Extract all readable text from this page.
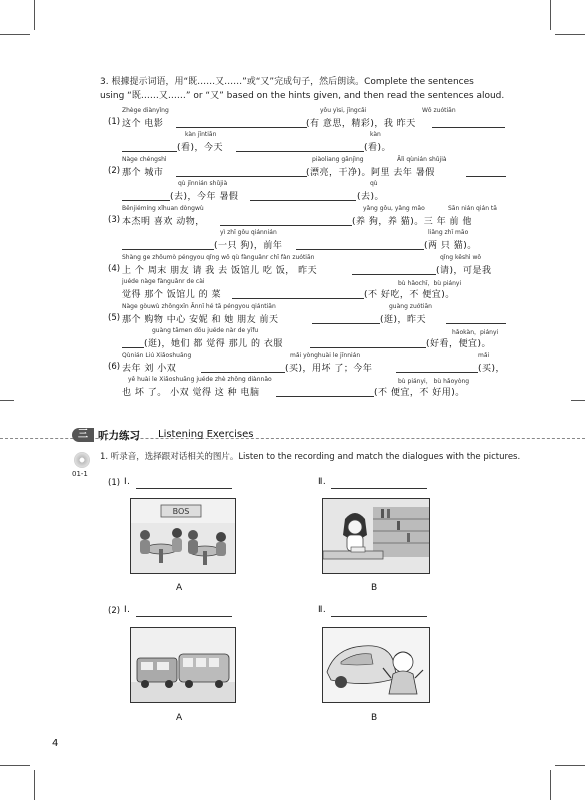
3. 根據提示词语，用“既……又……”或“又”完成句子，然后朗读。Complete the sentences
using “既……又……” or “又” based on the hints given, and then read the sentences aloud.
Zhège diànyǐng	yǒu yìsi, jīngcǎi	Wǒ zuótiān
(1) 这个 电影	(有 意思，精彩)，我 昨天
kàn jīntiān	kàn
(看)，今天	(看)。
Nàge chéngshì	piàoliang gānjìng	Ālì qùnián shǔjià
(2) 那个 城市	(漂亮，干净)。阿里 去年 暑假
qù jīnnián shǔjià	qù
(去)，今年 暑假	(去)。
Běnjiémíng xǐhuan dòngwù	yǎng gǒu, yǎng māo	Sān nián qián tā
(3) 本杰明 喜欢 动物，	(养 狗，养 猫)。三 年 前 他
yì zhī gǒu qiánnián	liǎng zhī māo
(一只 狗)，前年	(两 只 猫)。
Shàng ge zhōumò péngyou qǐng wǒ qù fànguǎnr chī fàn zuótiān	qǐng kěshì wǒ
(4) 上 个 周末 朋友 请 我 去 饭馆儿 吃 饭， 昨天	(请)，可是我
juéde nàge fànguǎnr de cài	bù hǎochī，bù piányi
觉得 那个 饭馆儿 的 菜	(不 好吃，不 便宜)。
Nàge gòuwù zhōngxīn Ānnī hé tā péngyou qiántiān	guàng zuótiān
(5) 那个 购物 中心 安妮 和 她 朋友 前天	(逛)，昨天
guàng tāmen dōu juéde nàr de yīfu	hǎokàn，piányi
(逛)，她们 都 觉得 那儿 的 衣服	(好看，便宜)。
Qùnián Liú Xiǎoshuāng	mǎi yònghuài le jīnnián	mǎi
(6) 去年 刘 小双	(买)，用坏 了；今年	(买)，
yě huài le Xiǎoshuāng juéde zhè zhǒng diànnǎo	bù piányi， bù hǎoyòng
也 坏 了。 小双 觉得 这 种 电脑	(不 便宜，不 好用)。
三 听力练习 Listening Exercises
01-1
1. 听录音，选择跟对话相关的图片。Listen to the recording and match the dialogues with the pictures.
(1) Ⅰ.	Ⅱ.
BOS
A	B
(2) Ⅰ.	Ⅱ.
A	B
4
